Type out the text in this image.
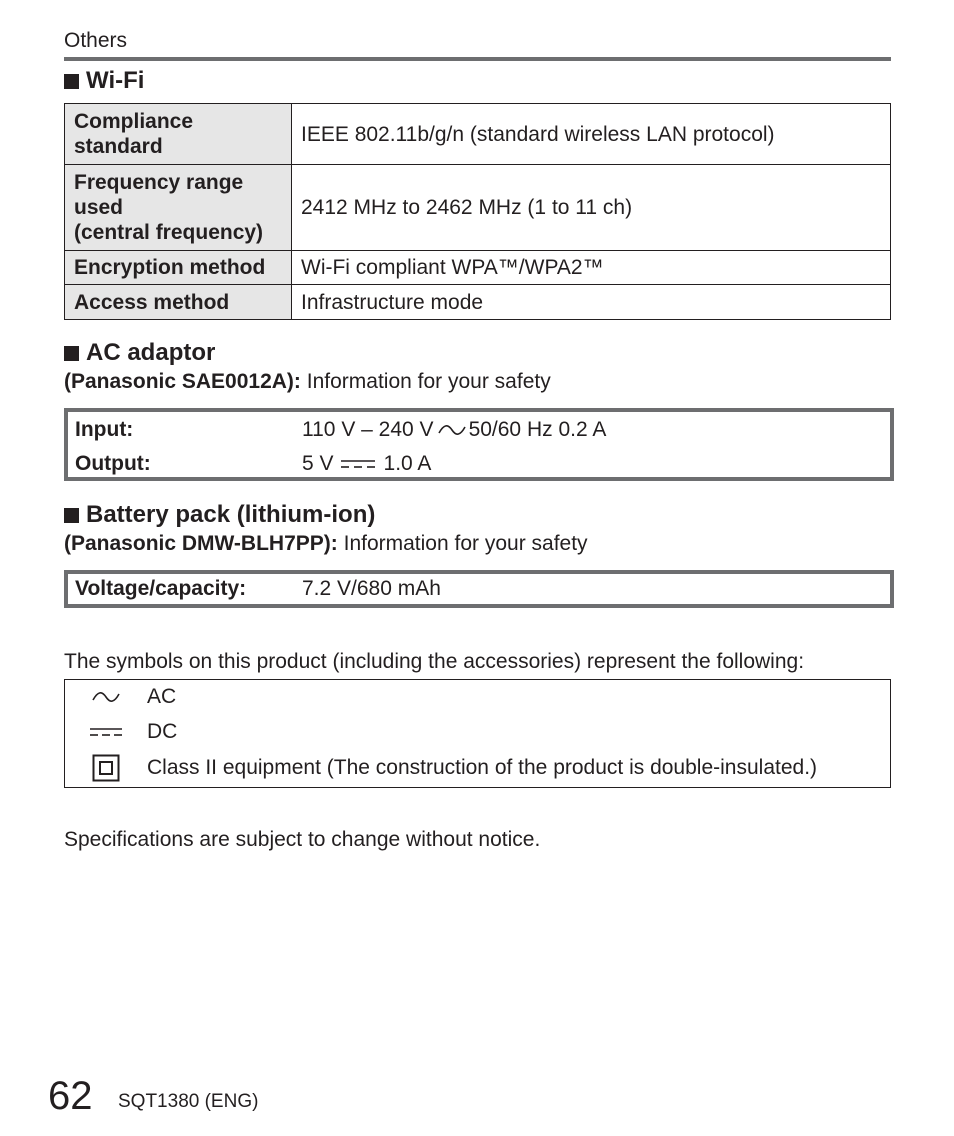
Others
Wi-Fi
Compliance
standard	IEEE 802.11b/g/n (standard wireless LAN protocol)

Frequency range
used
(central frequency)	2412 MHz to 2462 MHz (1 to 11 ch)

Encryption method	Wi-Fi compliant WPA™/WPA2™

Access method	Infrastructure mode
AC adaptor
(Panasonic SAE0012A): Information for your safety
Input:	110 V – 240 V 50/60 Hz 0.2 A
Output:	5 V 1.0 A
Battery pack (lithium-ion)
(Panasonic DMW-BLH7PP): Information for your safety
Voltage/capacity:	7.2 V/680 mAh
The symbols on this product (including the accessories) represent the following:
AC
DC
Class II equipment (The construction of the product is double-insulated.)
Specifications are subject to change without notice.
62 SQT1380 (ENG)
